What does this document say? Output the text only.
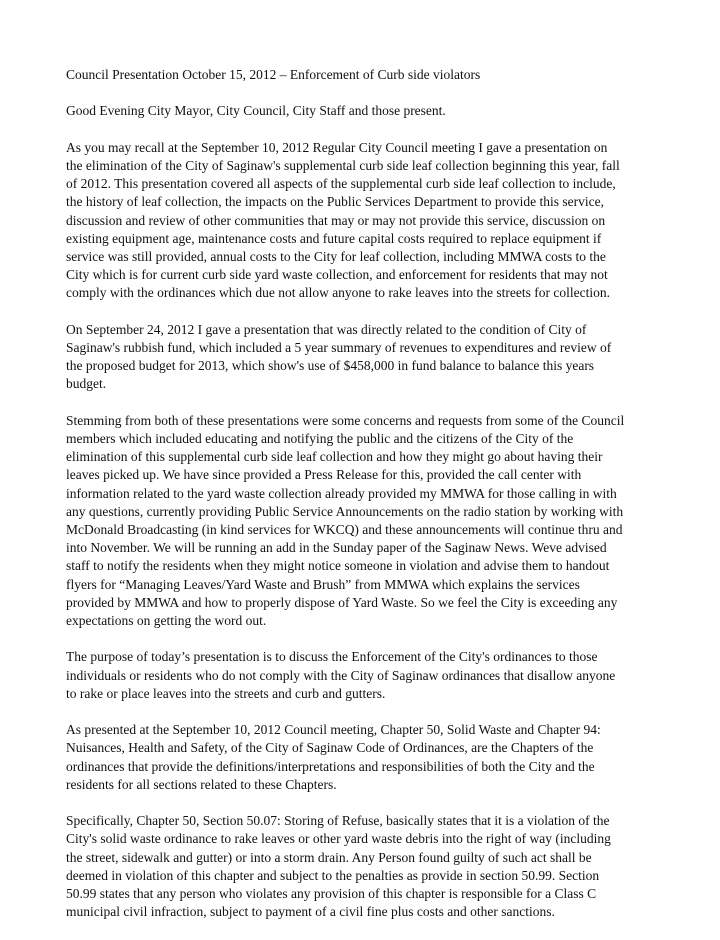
Council Presentation October 15, 2012 – Enforcement of Curb side violators

Good Evening City Mayor, City Council, City Staff and those present.

As you may recall at the September 10, 2012 Regular City Council meeting I gave a presentation on
the elimination of the City of Saginaw's supplemental curb side leaf collection beginning this year, fall
of 2012. This presentation covered all aspects of the supplemental curb side leaf collection to include,
the history of leaf collection, the impacts on the Public Services Department to provide this service,
discussion and review of other communities that may or may not provide this service, discussion on
existing equipment age, maintenance costs and future capital costs required to replace equipment if
service was still provided, annual costs to the City for leaf collection, including MMWA costs to the
City which is for current curb side yard waste collection, and enforcement for residents that may not
comply with the ordinances which due not allow anyone to rake leaves into the streets for collection.

On September 24, 2012 I gave a presentation that was directly related to the condition of City of
Saginaw's rubbish fund, which included a 5 year summary of revenues to expenditures and review of
the proposed budget for 2013, which show's use of $458,000 in fund balance to balance this years
budget.

Stemming from both of these presentations were some concerns and requests from some of the Council
members which included educating and notifying the public and the citizens of the City of the
elimination of this supplemental curb side leaf collection and how they might go about having their
leaves picked up. We have since provided a Press Release for this, provided the call center with
information related to the yard waste collection already provided my MMWA for those calling in with
any questions, currently providing Public Service Announcements on the radio station by working with
McDonald Broadcasting (in kind services for WKCQ) and these announcements will continue thru and
into November. We will be running an add in the Sunday paper of the Saginaw News. Weve advised
staff to notify the residents when they might notice someone in violation and advise them to handout
flyers for “Managing Leaves/Yard Waste and Brush” from MMWA which explains the services
provided by MMWA and how to properly dispose of Yard Waste. So we feel the City is exceeding any
expectations on getting the word out.

The purpose of today’s presentation is to discuss the Enforcement of the City's ordinances to those
individuals or residents who do not comply with the City of Saginaw ordinances that disallow anyone
to rake or place leaves into the streets and curb and gutters.

As presented at the September 10, 2012 Council meeting, Chapter 50, Solid Waste and Chapter 94:
Nuisances, Health and Safety, of the City of Saginaw Code of Ordinances, are the Chapters of the
ordinances that provide the definitions/interpretations and responsibilities of both the City and the
residents for all sections related to these Chapters.

Specifically, Chapter 50, Section 50.07: Storing of Refuse, basically states that it is a violation of the
City's solid waste ordinance to rake leaves or other yard waste debris into the right of way (including
the street, sidewalk and gutter) or into a storm drain. Any Person found guilty of such act shall be
deemed in violation of this chapter and subject to the penalties as provide in section 50.99. Section
50.99 states that any person who violates any provision of this chapter is responsible for a Class C
municipal civil infraction, subject to payment of a civil fine plus costs and other sanctions.
